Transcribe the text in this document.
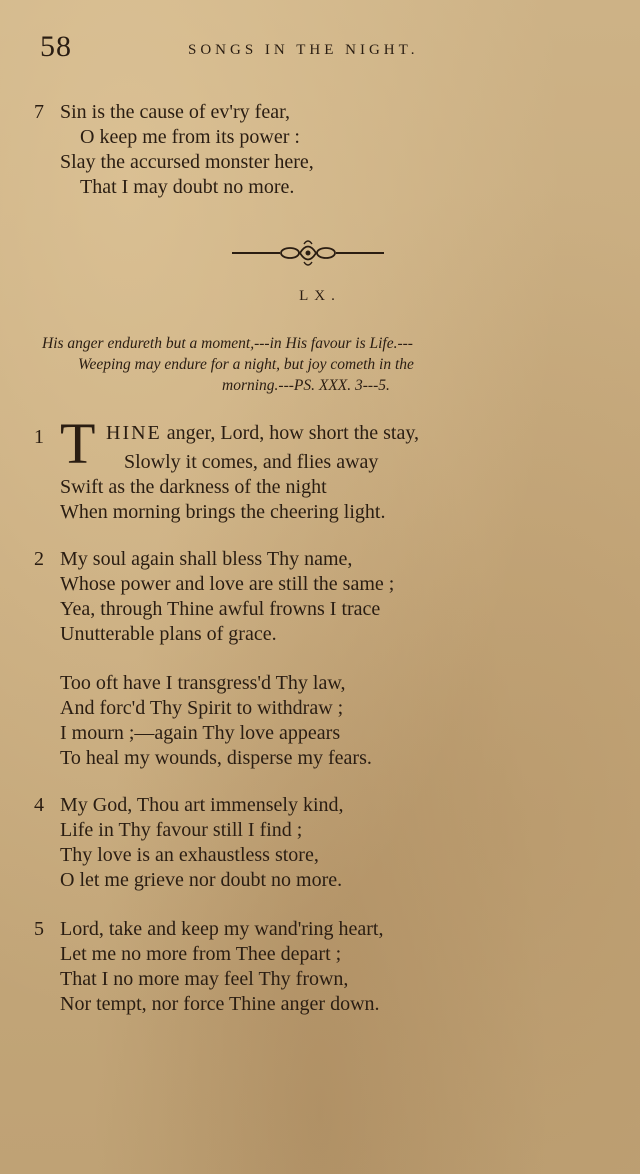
58	SONGS IN THE NIGHT.
7 Sin is the cause of ev'ry fear,
O keep me from its power :
Slay the accursed monster here,
That I may doubt no more.
LX.
His anger endureth but a moment,---in His favour is Life.---
Weeping may endure for a night, but joy cometh in the
morning.---PS. XXX. 3---5.
1 T HINE anger, Lord, how short the stay,
Slowly it comes, and flies away
Swift as the darkness of the night
When morning brings the cheering light.
2 My soul again shall bless Thy name,
Whose power and love are still the same ;
Yea, through Thine awful frowns I trace
Unutterable plans of grace.
Too oft have I transgress'd Thy law,
And forc'd Thy Spirit to withdraw ;
I mourn ;—again Thy love appears
To heal my wounds, disperse my fears.
4 My God, Thou art immensely kind,
Life in Thy favour still I find ;
Thy love is an exhaustless store,
O let me grieve nor doubt no more.
5 Lord, take and keep my wand'ring heart,
Let me no more from Thee depart ;
That I no more may feel Thy frown,
Nor tempt, nor force Thine anger down.
